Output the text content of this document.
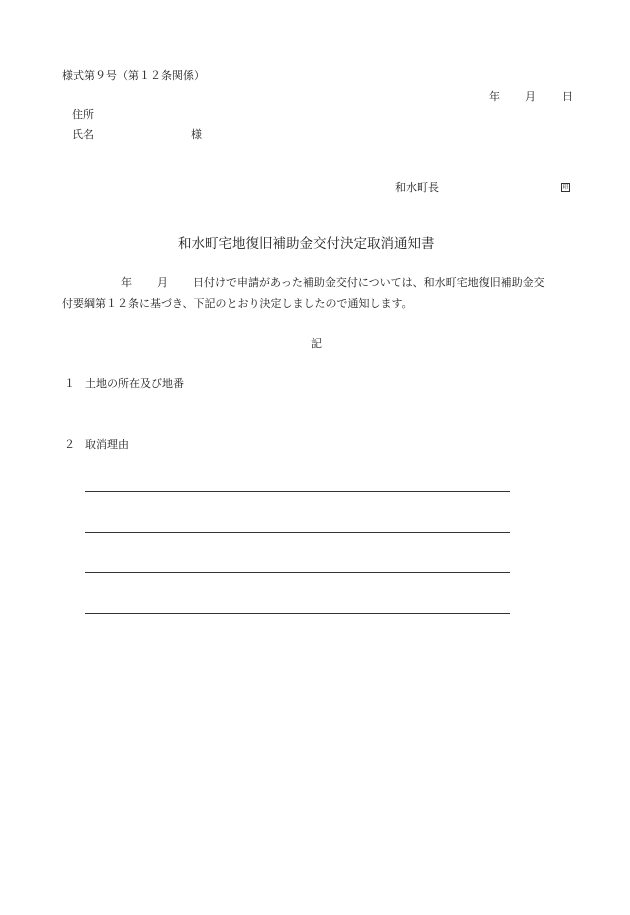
様式第９号（第１２条関係）
年 月 日
住所
氏名	様
和水町長	印
和水町宅地復旧補助金交付決定取消通知書
年 月 日付けで申請があった補助金交付については、和水町宅地復旧補助金交
付要綱第１２条に基づき、下記のとおり決定しましたので通知します。
記
１ 土地の所在及び地番
２ 取消理由
